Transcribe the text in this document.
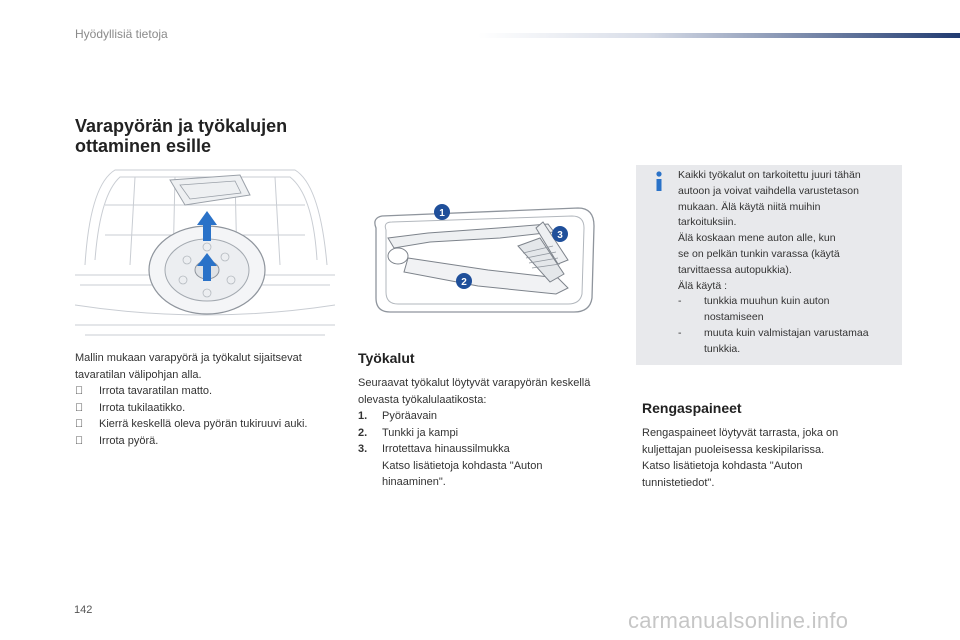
Hyödyllisiä tietoja
Varapyörän ja työkalujen
ottaminen esille
1
2
3
Mallin mukaan varapyörä ja työkalut sijaitsevat
tavaratilan välipohjan alla.
Irrota tavaratilan matto.
Irrota tukilaatikko.
Kierrä keskellä oleva pyörän tukiruuvi auki.
Irrota pyörä.
Työkalut
Seuraavat työkalut löytyvät varapyörän keskellä
olevasta työkalulaatikosta:
1.	Pyöräavain
2.	Tunkki ja kampi
3.	Irrotettava hinaussilmukka
Katso lisätietoja kohdasta "Auton
hinaaminen".
Kaikki työkalut on tarkoitettu juuri tähän
autoon ja voivat vaihdella varustetason
mukaan. Älä käytä niitä muihin
tarkoituksiin.
Älä koskaan mene auton alle, kun
se on pelkän tunkin varassa (käytä
tarvittaessa autopukkia).
Älä käytä :
-	tunkkia muuhun kuin auton
nostamiseen
-	muuta kuin valmistajan varustamaa
tunkkia.
Rengaspaineet
Rengaspaineet löytyvät tarrasta, joka on
kuljettajan puoleisessa keskipilarissa.
Katso lisätietoja kohdasta "Auton
tunnistetiedot".
142	carmanualsonline.info
